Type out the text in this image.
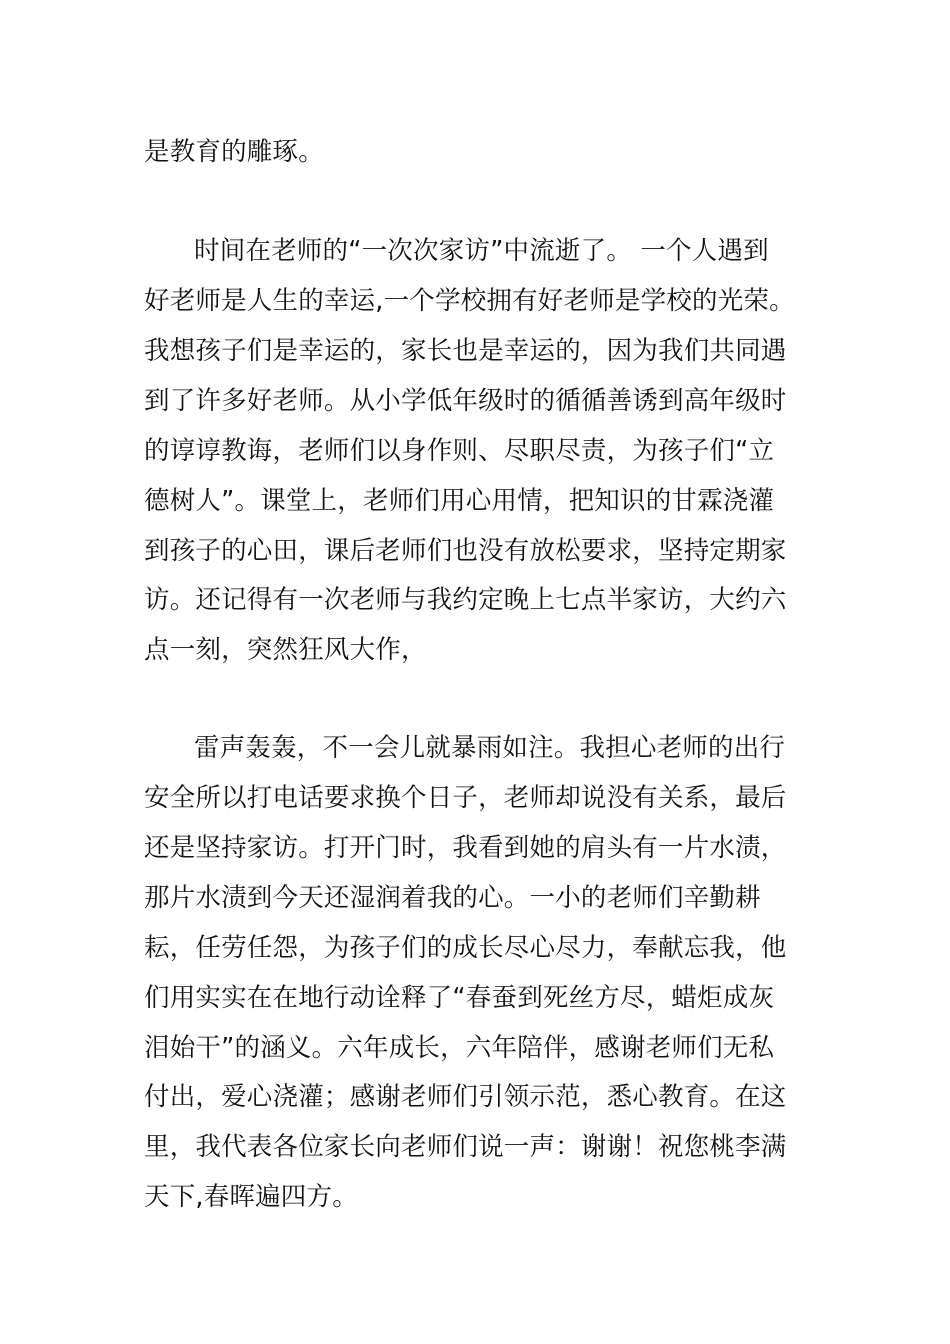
是教育的雕琢。
时间在老师的“一次次家访”中流逝了。 一个人遇到
好老师是人生的幸运,一个学校拥有好老师是学校的光荣。
我想孩子们是幸运的，家长也是幸运的，因为我们共同遇
到了许多好老师。从小学低年级时的循循善诱到高年级时
的谆谆教诲，老师们以身作则、尽职尽责，为孩子们“立
德树人”。课堂上，老师们用心用情，把知识的甘霖浇灌
到孩子的心田，课后老师们也没有放松要求，坚持定期家
访。还记得有一次老师与我约定晚上七点半家访，大约六
点一刻，突然狂风大作，
雷声轰轰，不一会儿就暴雨如注。我担心老师的出行
安全所以打电话要求换个日子，老师却说没有关系，最后
还是坚持家访。打开门时，我看到她的肩头有一片水渍，
那片水渍到今天还湿润着我的心。一小的老师们辛勤耕
耘，任劳任怨，为孩子们的成长尽心尽力，奉献忘我，他
们用实实在在地行动诠释了“春蚕到死丝方尽，蜡炬成灰
泪始干”的涵义。六年成长，六年陪伴，感谢老师们无私
付出，爱心浇灌；感谢老师们引领示范，悉心教育。在这
里，我代表各位家长向老师们说一声：谢谢！祝您桃李满
天下,春晖遍四方。
